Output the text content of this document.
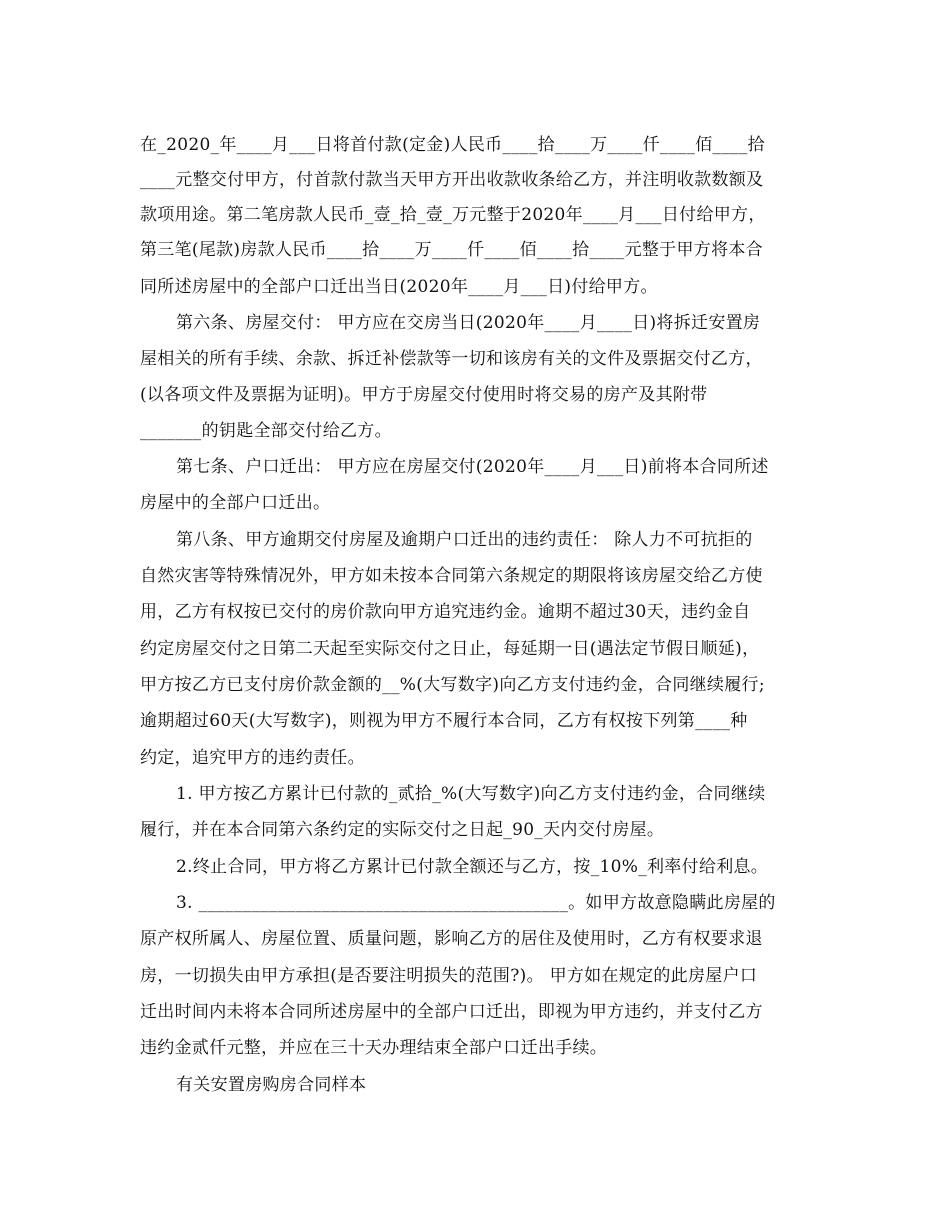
在_2020_年____月___日将首付款(定金)人民币____拾____万____仟____佰____拾
____元整交付甲方，付首款付款当天甲方开出收款收条给乙方，并注明收款数额及
款项用途。第二笔房款人民币_壹_拾_壹_万元整于2020年____月___日付给甲方，
第三笔(尾款)房款人民币____拾____万____仟____佰____拾____元整于甲方将本合
同所述房屋中的全部户口迁出当日(2020年____月___日)付给甲方。
第六条、房屋交付： 甲方应在交房当日(2020年____月____日)将拆迁安置房
屋相关的所有手续、余款、拆迁补偿款等一切和该房有关的文件及票据交付乙方，
(以各项文件及票据为证明)。甲方于房屋交付使用时将交易的房产及其附带
_______的钥匙全部交付给乙方。
第七条、户口迁出： 甲方应在房屋交付(2020年____月___日)前将本合同所述
房屋中的全部户口迁出。
第八条、甲方逾期交付房屋及逾期户口迁出的违约责任： 除人力不可抗拒的
自然灾害等特殊情况外，甲方如未按本合同第六条规定的期限将该房屋交给乙方使
用，乙方有权按已交付的房价款向甲方追究违约金。逾期不超过30天，违约金自
约定房屋交付之日第二天起至实际交付之日止，每延期一日(遇法定节假日顺延)，
甲方按乙方已支付房价款金额的__%(大写数字)向乙方支付违约金，合同继续履行;
逾期超过60天(大写数字)，则视为甲方不履行本合同，乙方有权按下列第____种
约定，追究甲方的违约责任。
1. 甲方按乙方累计已付款的_贰拾_%(大写数字)向乙方支付违约金，合同继续
履行，并在本合同第六条约定的实际交付之日起_90_天内交付房屋。
2.终止合同，甲方将乙方累计已付款全额还与乙方，按_10%_利率付给利息。
3. __________________________________________。如甲方故意隐瞒此房屋的
原产权所属人、房屋位置、质量问题，影响乙方的居住及使用时，乙方有权要求退
房，一切损失由甲方承担(是否要注明损失的范围?)。 甲方如在规定的此房屋户口
迁出时间内未将本合同所述房屋中的全部户口迁出，即视为甲方违约，并支付乙方
违约金贰仟元整，并应在三十天办理结束全部户口迁出手续。
有关安置房购房合同样本
